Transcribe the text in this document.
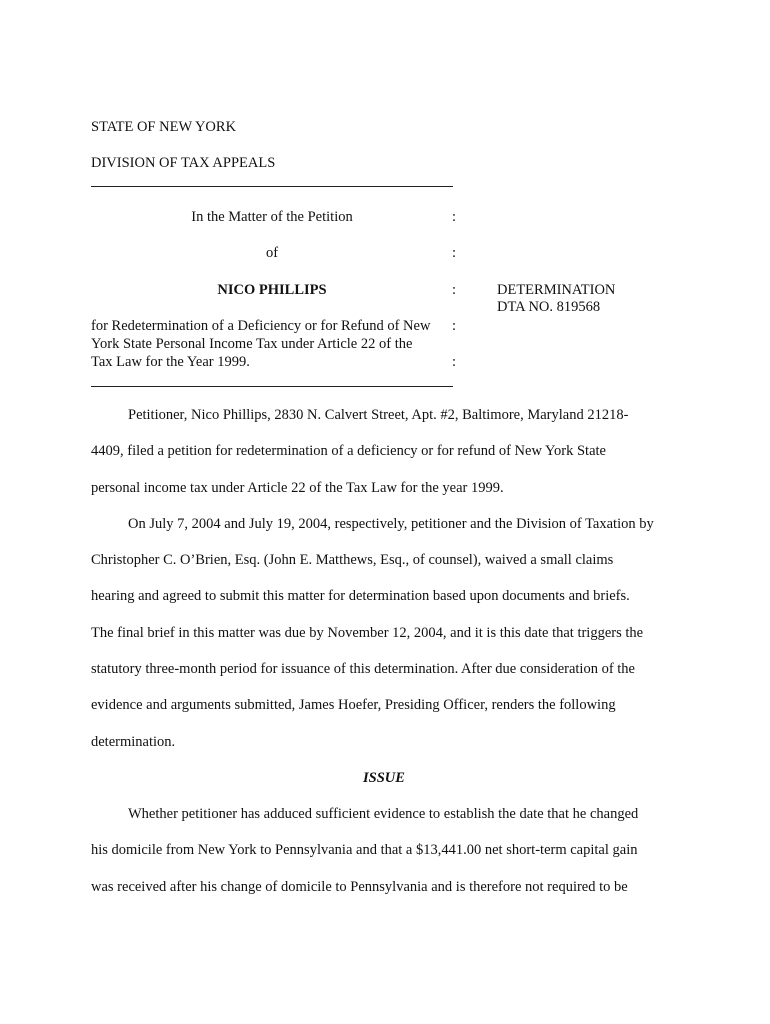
STATE OF NEW YORK
DIVISION OF TAX APPEALS
In the Matter of the Petition	:
of	:
NICO PHILLIPS	:	DETERMINATION
DTA NO. 819568
for Redetermination of a Deficiency or for Refund of New :
York State Personal Income Tax under Article 22 of the
Tax Law for the Year 1999.	:
Petitioner, Nico Phillips, 2830 N. Calvert Street, Apt. #2, Baltimore, Maryland 21218-
4409, filed a petition for redetermination of a deficiency or for refund of New York State
personal income tax under Article 22 of the Tax Law for the year 1999.
On July 7, 2004 and July 19, 2004, respectively, petitioner and the Division of Taxation by
Christopher C. O’Brien, Esq. (John E. Matthews, Esq., of counsel), waived a small claims
hearing and agreed to submit this matter for determination based upon documents and briefs.
The final brief in this matter was due by November 12, 2004, and it is this date that triggers the
statutory three-month period for issuance of this determination. After due consideration of the
evidence and arguments submitted, James Hoefer, Presiding Officer, renders the following
determination.
ISSUE
Whether petitioner has adduced sufficient evidence to establish the date that he changed
his domicile from New York to Pennsylvania and that a $13,441.00 net short-term capital gain
was received after his change of domicile to Pennsylvania and is therefore not required to be
